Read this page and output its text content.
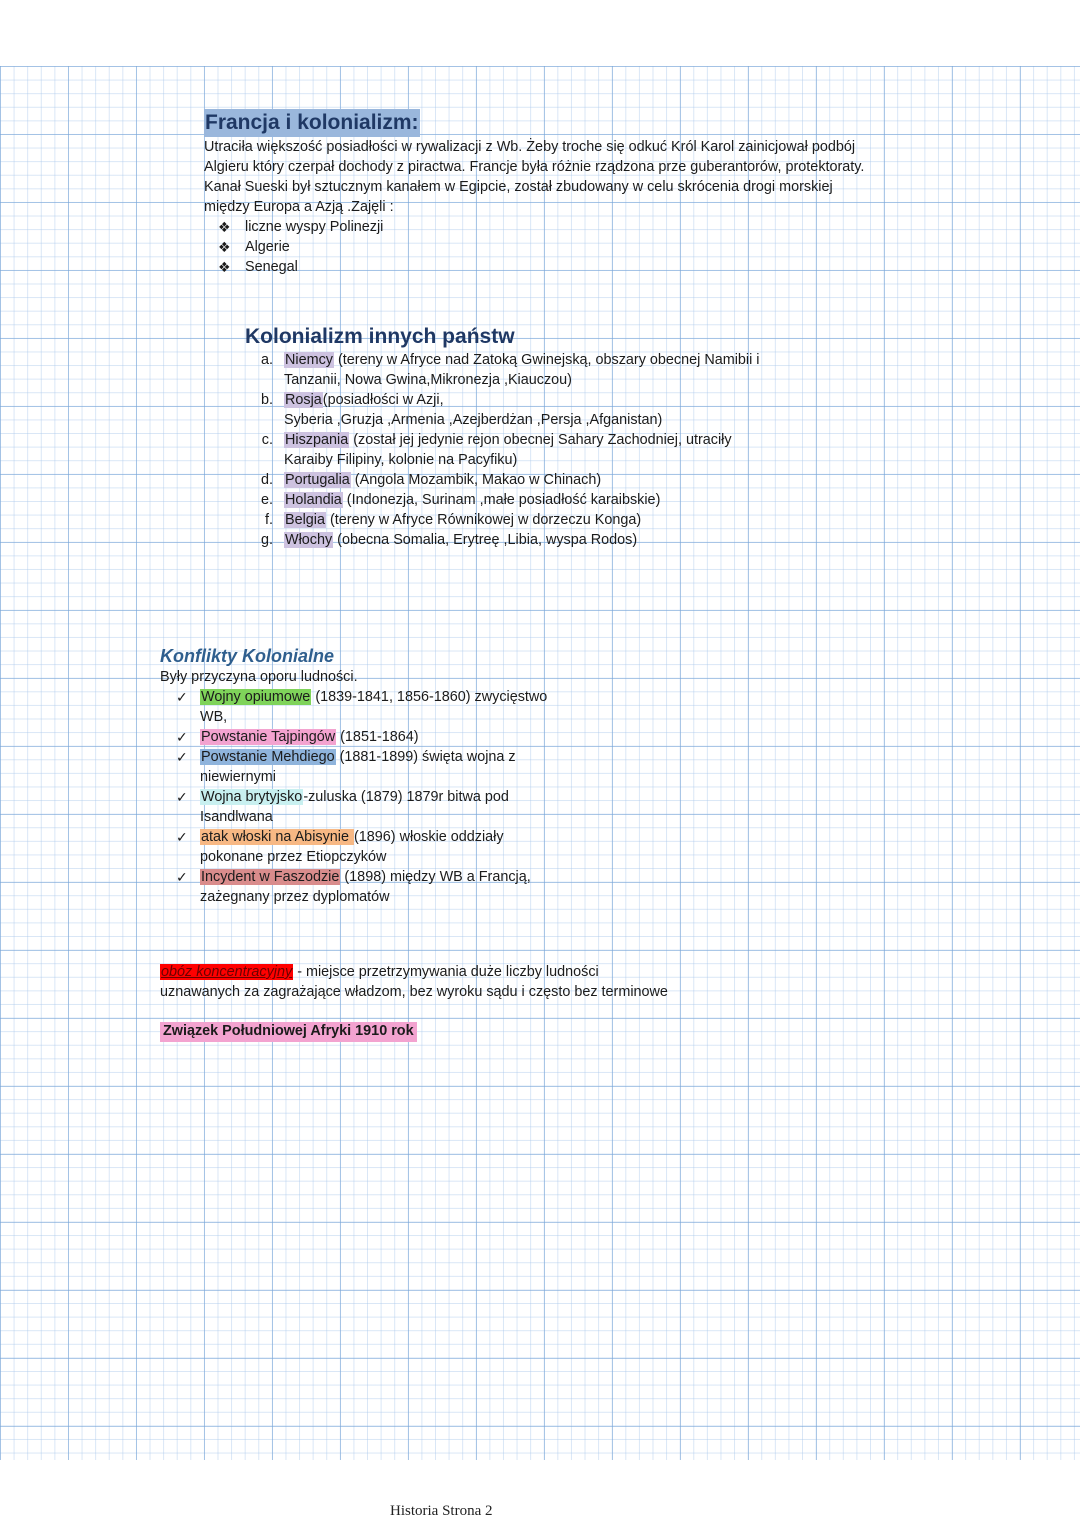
Francja i kolonializm:
Utraciła większość posiadłości w rywalizacji z Wb. Żeby troche się odkuć Król Karol zainicjował podbój
Algieru który czerpał dochody z piractwa. Francje była różnie rządzona prze guberantorów, protektoraty.
Kanał Sueski był sztucznym kanałem w Egipcie, został zbudowany w celu skrócenia drogi morskiej
między Europa a Azją .Zajęli :
❖ liczne wyspy Polinezji
❖ Algerie
❖ Senegal
Kolonializm innych państw
a. Niemcy (tereny w Afryce nad Zatoką Gwinejską, obszary obecnej Namibii i
Tanzanii, Nowa Gwina,Mikronezja ,Kiauczou)
b. Rosja(posiadłości w Azji,
Syberia ,Gruzja ,Armenia ,Azejberdżan ,Persja ,Afganistan)
c. Hiszpania (został jej jedynie rejon obecnej Sahary Zachodniej, utraciły
Karaiby Filipiny, kolonie na Pacyfiku)
d. Portugalia (Angola Mozambik, Makao w Chinach)
e. Holandia (Indonezja, Surinam ,małe posiadłość karaibskie)
f. Belgia (tereny w Afryce Równikowej w dorzeczu Konga)
g. Włochy (obecna Somalia, Erytreę ,Libia, wyspa Rodos)
Konflikty Kolonialne
Były przyczyna oporu ludności.
✓ Wojny opiumowe (1839-1841, 1856-1860) zwycięstwo
WB,
✓ Powstanie Tajpingów (1851-1864)
✓ Powstanie Mehdiego (1881-1899) święta wojna z
niewiernymi
✓ Wojna brytyjsko-zuluska (1879) 1879r bitwa pod
Isandlwana
✓ atak włoski na Abisynie (1896) włoskie oddziały
pokonane przez Etiopczyków
✓ Incydent w Faszodzie (1898) między WB a Francją,
zażegnany przez dyplomatów
obóz koncentracyjny - miejsce przetrzymywania duże liczby ludności
uznawanych za zagrażające władzom, bez wyroku sądu i często bez terminowe
Związek Południowej Afryki 1910 rok
Historia Strona 2
